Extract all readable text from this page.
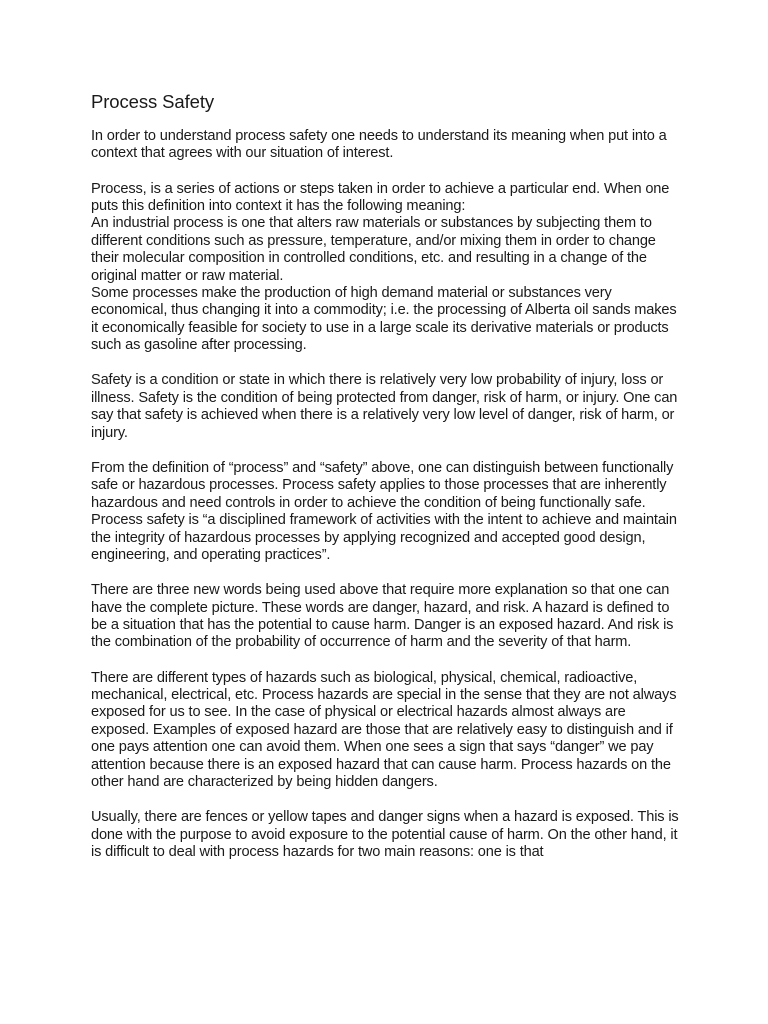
Process Safety

In order to understand process safety one needs to understand its meaning when put into a context that agrees with our situation of interest.

Process, is a series of actions or steps taken in order to achieve a particular end. When one puts this definition into context it has the following meaning:
An industrial process is one that alters raw materials or substances by subjecting them to different conditions such as pressure, temperature, and/or mixing them in order to change their molecular composition in controlled conditions, etc. and resulting in a change of the original matter or raw material.
Some processes make the production of high demand material or substances very economical, thus changing it into a commodity; i.e. the processing of Alberta oil sands makes it economically feasible for society to use in a large scale its derivative materials or products such as gasoline after processing.

Safety is a condition or state in which there is relatively very low probability of injury, loss or illness. Safety is the condition of being protected from danger, risk of harm, or injury. One can say that safety is achieved when there is a relatively very low level of danger, risk of harm, or injury.

From the definition of “process” and “safety” above, one can distinguish between functionally safe or hazardous processes. Process safety applies to those processes that are inherently hazardous and need controls in order to achieve the condition of being functionally safe.
Process safety is “a disciplined framework of activities with the intent to achieve and maintain the integrity of hazardous processes by applying recognized and accepted good design, engineering, and operating practices”.

There are three new words being used above that require more explanation so that one can have the complete picture. These words are danger, hazard, and risk. A hazard is defined to be a situation that has the potential to cause harm. Danger is an exposed hazard. And risk is the combination of the probability of occurrence of harm and the severity of that harm.

There are different types of hazards such as biological, physical, chemical, radioactive, mechanical, electrical, etc. Process hazards are special in the sense that they are not always exposed for us to see. In the case of physical or electrical hazards almost always are exposed. Examples of exposed hazard are those that are relatively easy to distinguish and if one pays attention one can avoid them. When one sees a sign that says “danger” we pay attention because there is an exposed hazard that can cause harm. Process hazards on the other hand are characterized by being hidden dangers.

Usually, there are fences or yellow tapes and danger signs when a hazard is exposed. This is done with the purpose to avoid exposure to the potential cause of harm. On the other hand, it is difficult to deal with process hazards for two main reasons: one is that
